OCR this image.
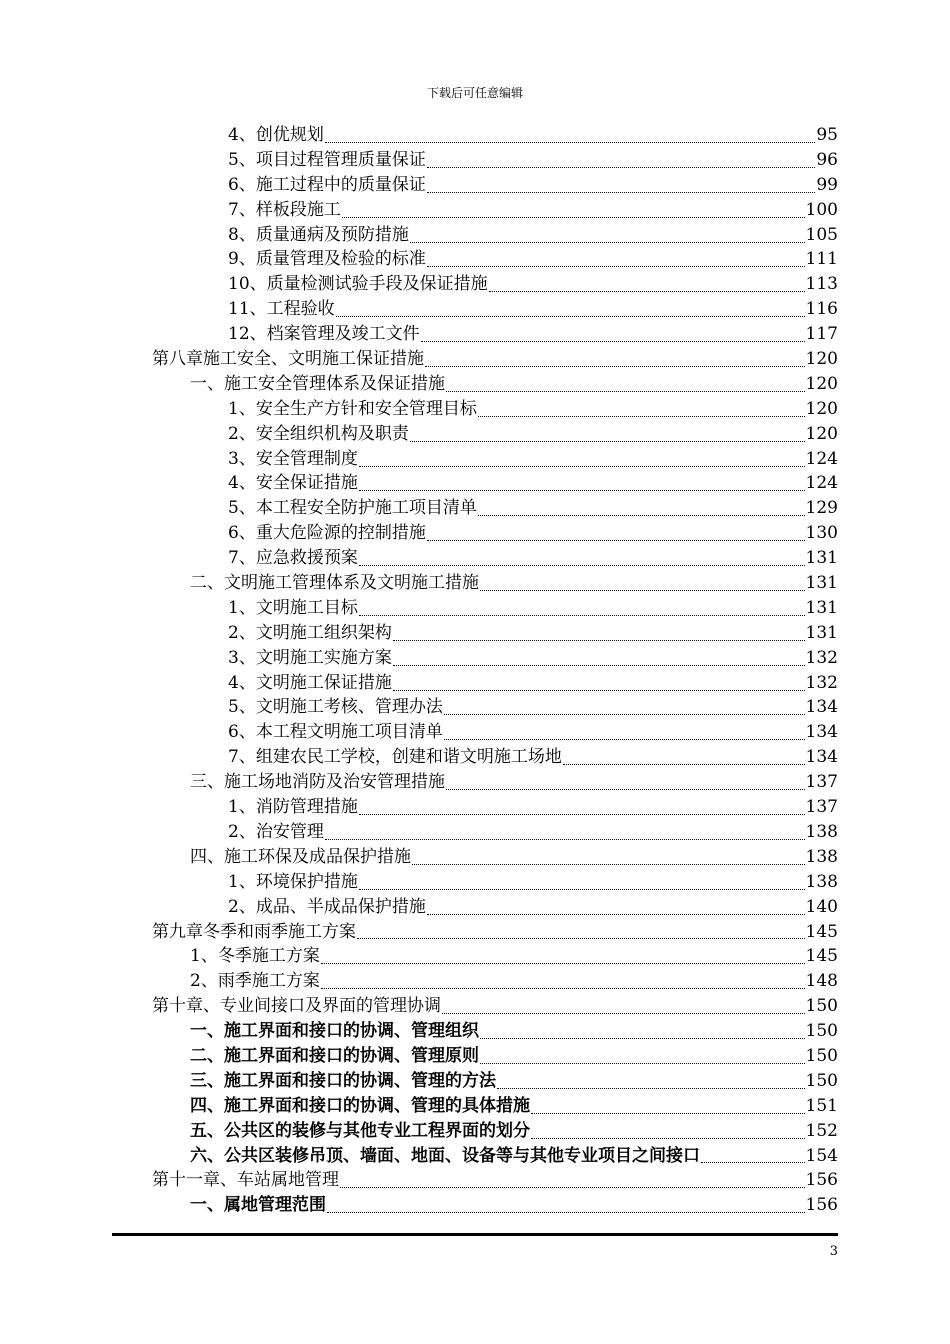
下载后可任意编辑
4、创优规划	95
5、项目过程管理质量保证	96
6、施工过程中的质量保证	99
7、样板段施工	100
8、质量通病及预防措施	105
9、质量管理及检验的标准	111
10、质量检测试验手段及保证措施	113
11、工程验收	116
12、档案管理及竣工文件	117
第八章施工安全、文明施工保证措施	120
一、施工安全管理体系及保证措施	120
1、安全生产方针和安全管理目标	120
2、安全组织机构及职责	120
3、安全管理制度	124
4、安全保证措施	124
5、本工程安全防护施工项目清单	129
6、重大危险源的控制措施	130
7、应急救援预案	131
二、文明施工管理体系及文明施工措施	131
1、文明施工目标	131
2、文明施工组织架构	131
3、文明施工实施方案	132
4、文明施工保证措施	132
5、文明施工考核、管理办法	134
6、本工程文明施工项目清单	134
7、组建农民工学校，创建和谐文明施工场地	134
三、施工场地消防及治安管理措施	137
1、消防管理措施	137
2、治安管理	138
四、施工环保及成品保护措施	138
1、环境保护措施	138
2、成品、半成品保护措施	140
第九章冬季和雨季施工方案	145
1、冬季施工方案	145
2、雨季施工方案	148
第十章、专业间接口及界面的管理协调	150
一、施工界面和接口的协调、管理组织	150
二、施工界面和接口的协调、管理原则	150
三、施工界面和接口的协调、管理的方法	150
四、施工界面和接口的协调、管理的具体措施	151
五、公共区的装修与其他专业工程界面的划分	152
六、公共区装修吊顶、墙面、地面、设备等与其他专业项目之间接口	154
第十一章、车站属地管理	156
一、属地管理范围	156
3
